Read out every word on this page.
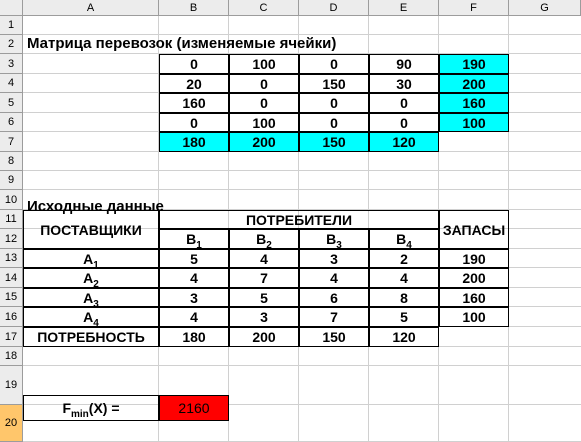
A	B	C	D	E	F	G
1
2
3
4
5
6
7
8
9
10
11
12
13
14
15
16
17
18
19
20
Матрица перевозок (изменяемые ячейки)
0	100	0	90	190
20	0	150	30	200
160	0	0	0	160
0	100	0	0	100
180	200	150	120
Исходные данные
ПОСТАВЩИКИ
ПОТРЕБИТЕЛИ
ЗАПАСЫ
$B_1$	$B_2$	$B_3$	$B_4$
$A_1$	5	4	3	2	190
$A_2$	4	7	4	4	200
$A_3$	3	5	6	8	160
$A_4$	4	3	7	5	100
ПОТРЕБНОСТЬ	180	200	150	120
$F_{min}(X)$ =	2160
